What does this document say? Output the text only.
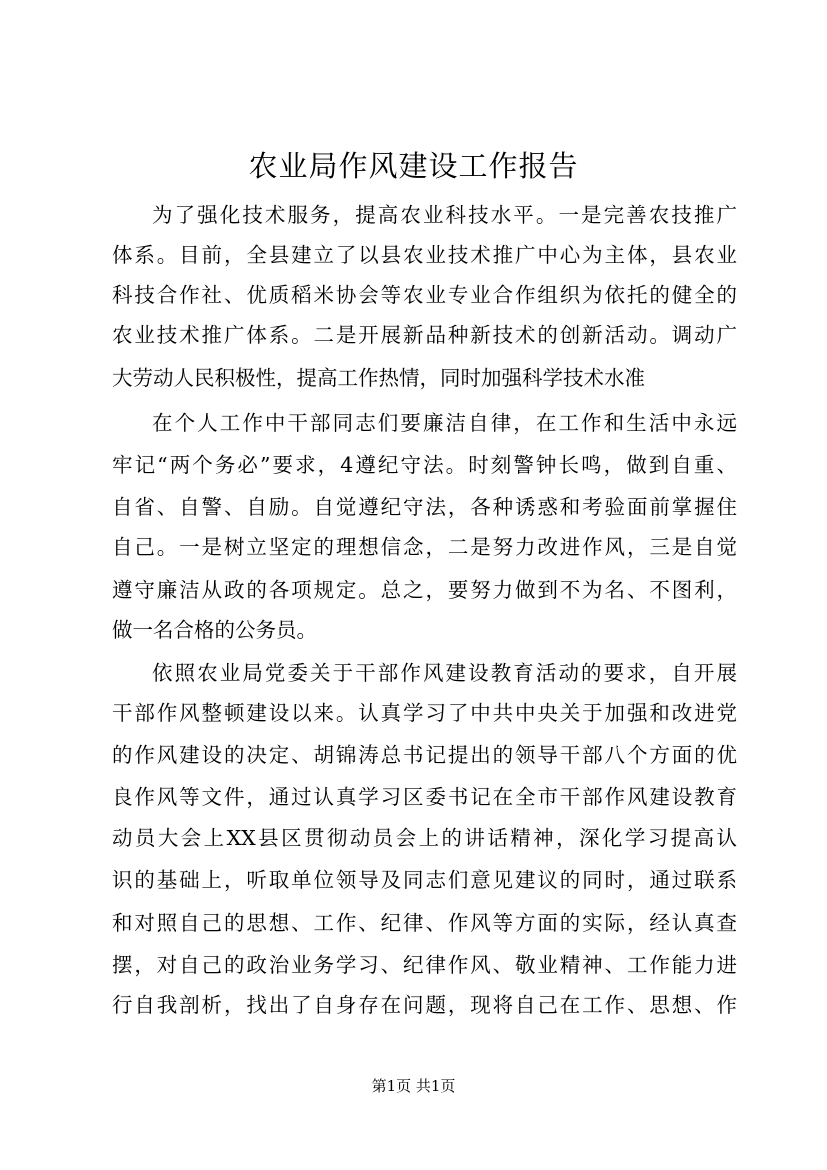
农业局作风建设工作报告
为了强化技术服务，提高农业科技水平。一是完善农技推广
体系。目前，全县建立了以县农业技术推广中心为主体，县农业
科技合作社、优质稻米协会等农业专业合作组织为依托的健全的
农业技术推广体系。二是开展新品种新技术的创新活动。调动广
大劳动人民积极性，提高工作热情，同时加强科学技术水准
在个人工作中干部同志们要廉洁自律，在工作和生活中永远
牢记“两个务必”要求，4遵纪守法。时刻警钟长鸣，做到自重、
自省、自警、自励。自觉遵纪守法，各种诱惑和考验面前掌握住
自己。一是树立坚定的理想信念，二是努力改进作风，三是自觉
遵守廉洁从政的各项规定。总之，要努力做到不为名、不图利，
做一名合格的公务员。
依照农业局党委关于干部作风建设教育活动的要求，自开展
干部作风整顿建设以来。认真学习了中共中央关于加强和改进党
的作风建设的决定、胡锦涛总书记提出的领导干部八个方面的优
良作风等文件，通过认真学习区委书记在全市干部作风建设教育
动员大会上XX县区贯彻动员会上的讲话精神，深化学习提高认
识的基础上，听取单位领导及同志们意见建议的同时，通过联系
和对照自己的思想、工作、纪律、作风等方面的实际，经认真查
摆，对自己的政治业务学习、纪律作风、敬业精神、工作能力进
行自我剖析，找出了自身存在问题，现将自己在工作、思想、作
第1页 共1页
